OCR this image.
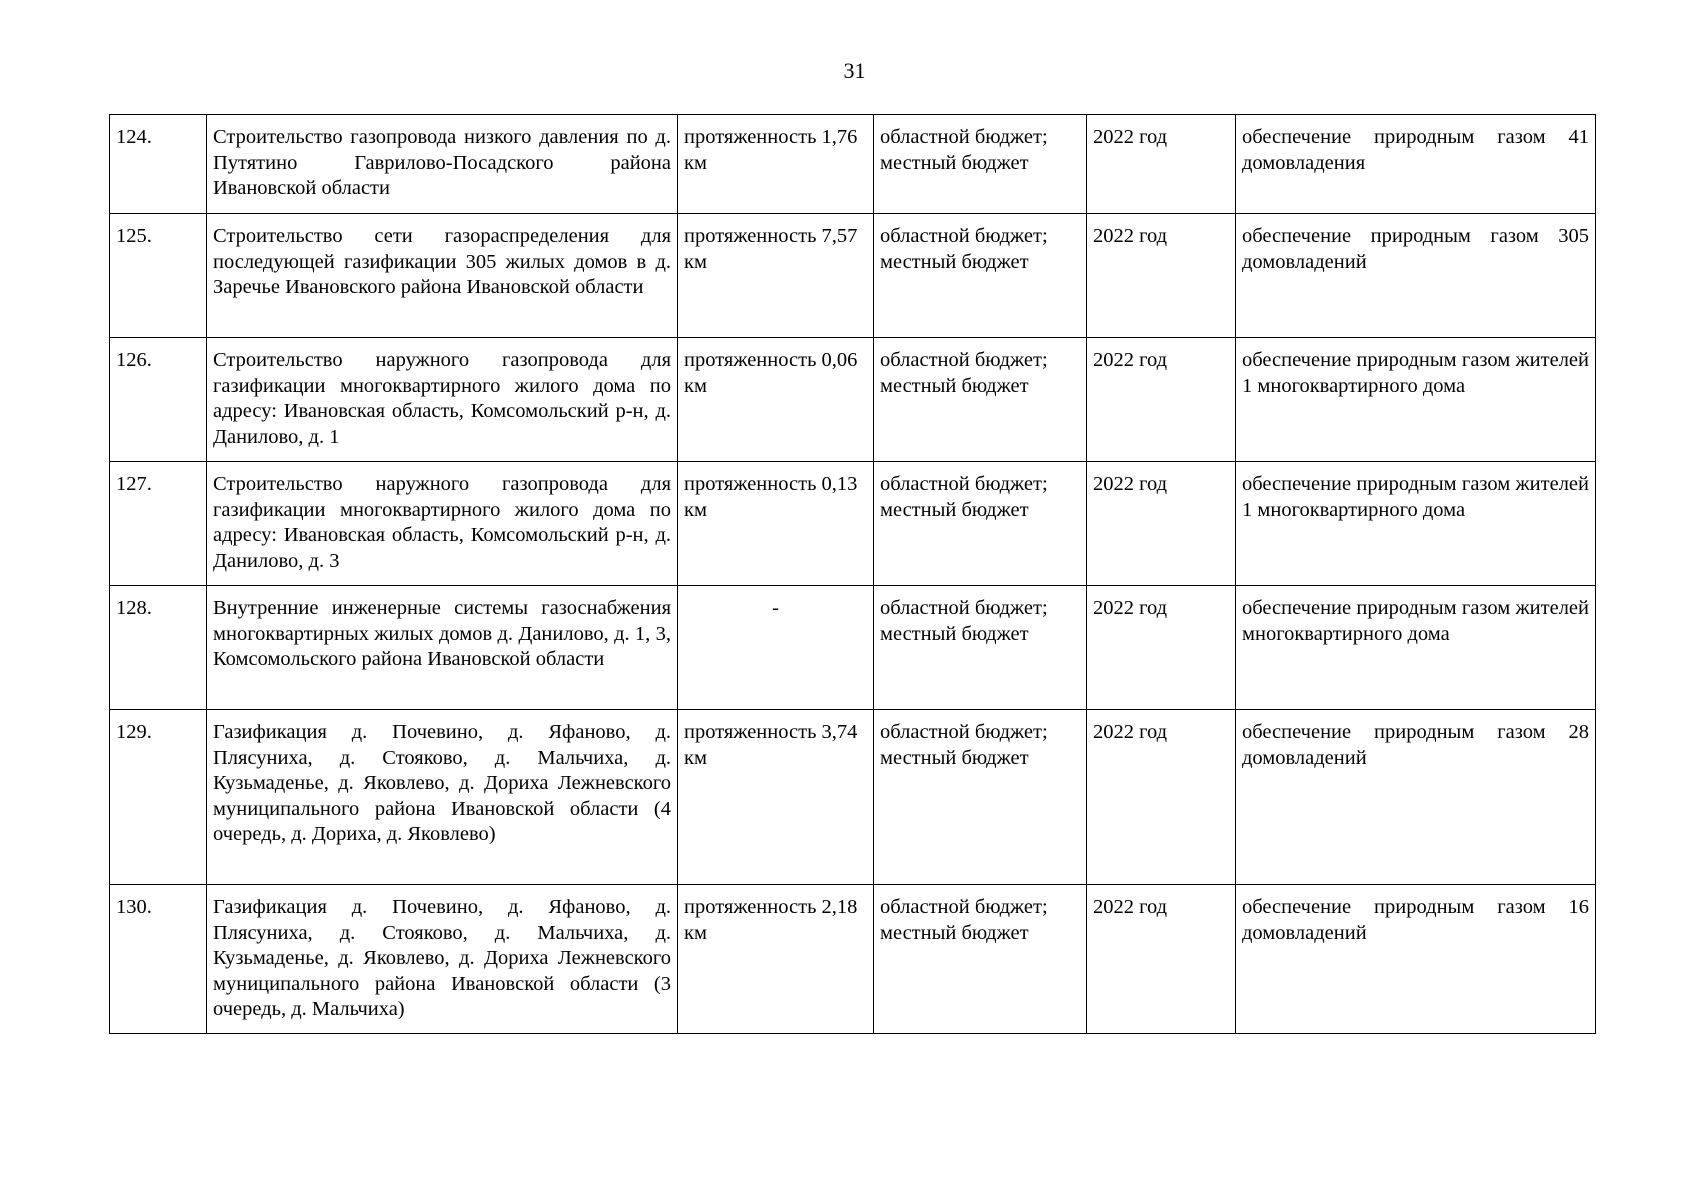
31
124.	Строительство газопровода низкого давления по д. Путятино Гаврилово-Посадского района Ивановской области	протяженность 1,76 км	областной бюджет; местный бюджет	2022 год	обеспечение природным газом 41 домовладения
125.	Строительство сети газораспределения для последующей газификации 305 жилых домов в д. Заречье Ивановского района Ивановской области	протяженность 7,57 км	областной бюджет; местный бюджет	2022 год	обеспечение природным газом 305 домовладений
126.	Строительство наружного газопровода для газификации многоквартирного жилого дома по адресу: Ивановская область, Комсомольский р-н, д. Данилово, д. 1	протяженность 0,06 км	областной бюджет; местный бюджет	2022 год	обеспечение природным газом жителей 1 многоквартирного дома
127.	Строительство наружного газопровода для газификации многоквартирного жилого дома по адресу: Ивановская область, Комсомольский р-н, д. Данилово, д. 3	протяженность 0,13 км	областной бюджет; местный бюджет	2022 год	обеспечение природным газом жителей 1 многоквартирного дома
128.	Внутренние инженерные системы газоснабжения многоквартирных жилых домов д. Данилово, д. 1, 3, Комсомольского района Ивановской области	-	областной бюджет; местный бюджет	2022 год	обеспечение природным газом жителей многоквартирного дома
129.	Газификация д. Почевино, д. Яфаново, д. Плясуниха, д. Стояково, д. Мальчиха, д. Кузьмаденье, д. Яковлево, д. Дориха Лежневского муниципального района Ивановской области (4 очередь, д. Дориха, д. Яковлево)	протяженность 3,74 км	областной бюджет; местный бюджет	2022 год	обеспечение природным газом 28 домовладений
130.	Газификация д. Почевино, д. Яфаново, д. Плясуниха, д. Стояково, д. Мальчиха, д. Кузьмаденье, д. Яковлево, д. Дориха Лежневского муниципального района Ивановской области (3 очередь, д. Мальчиха)	протяженность 2,18 км	областной бюджет; местный бюджет	2022 год	обеспечение природным газом 16 домовладений
